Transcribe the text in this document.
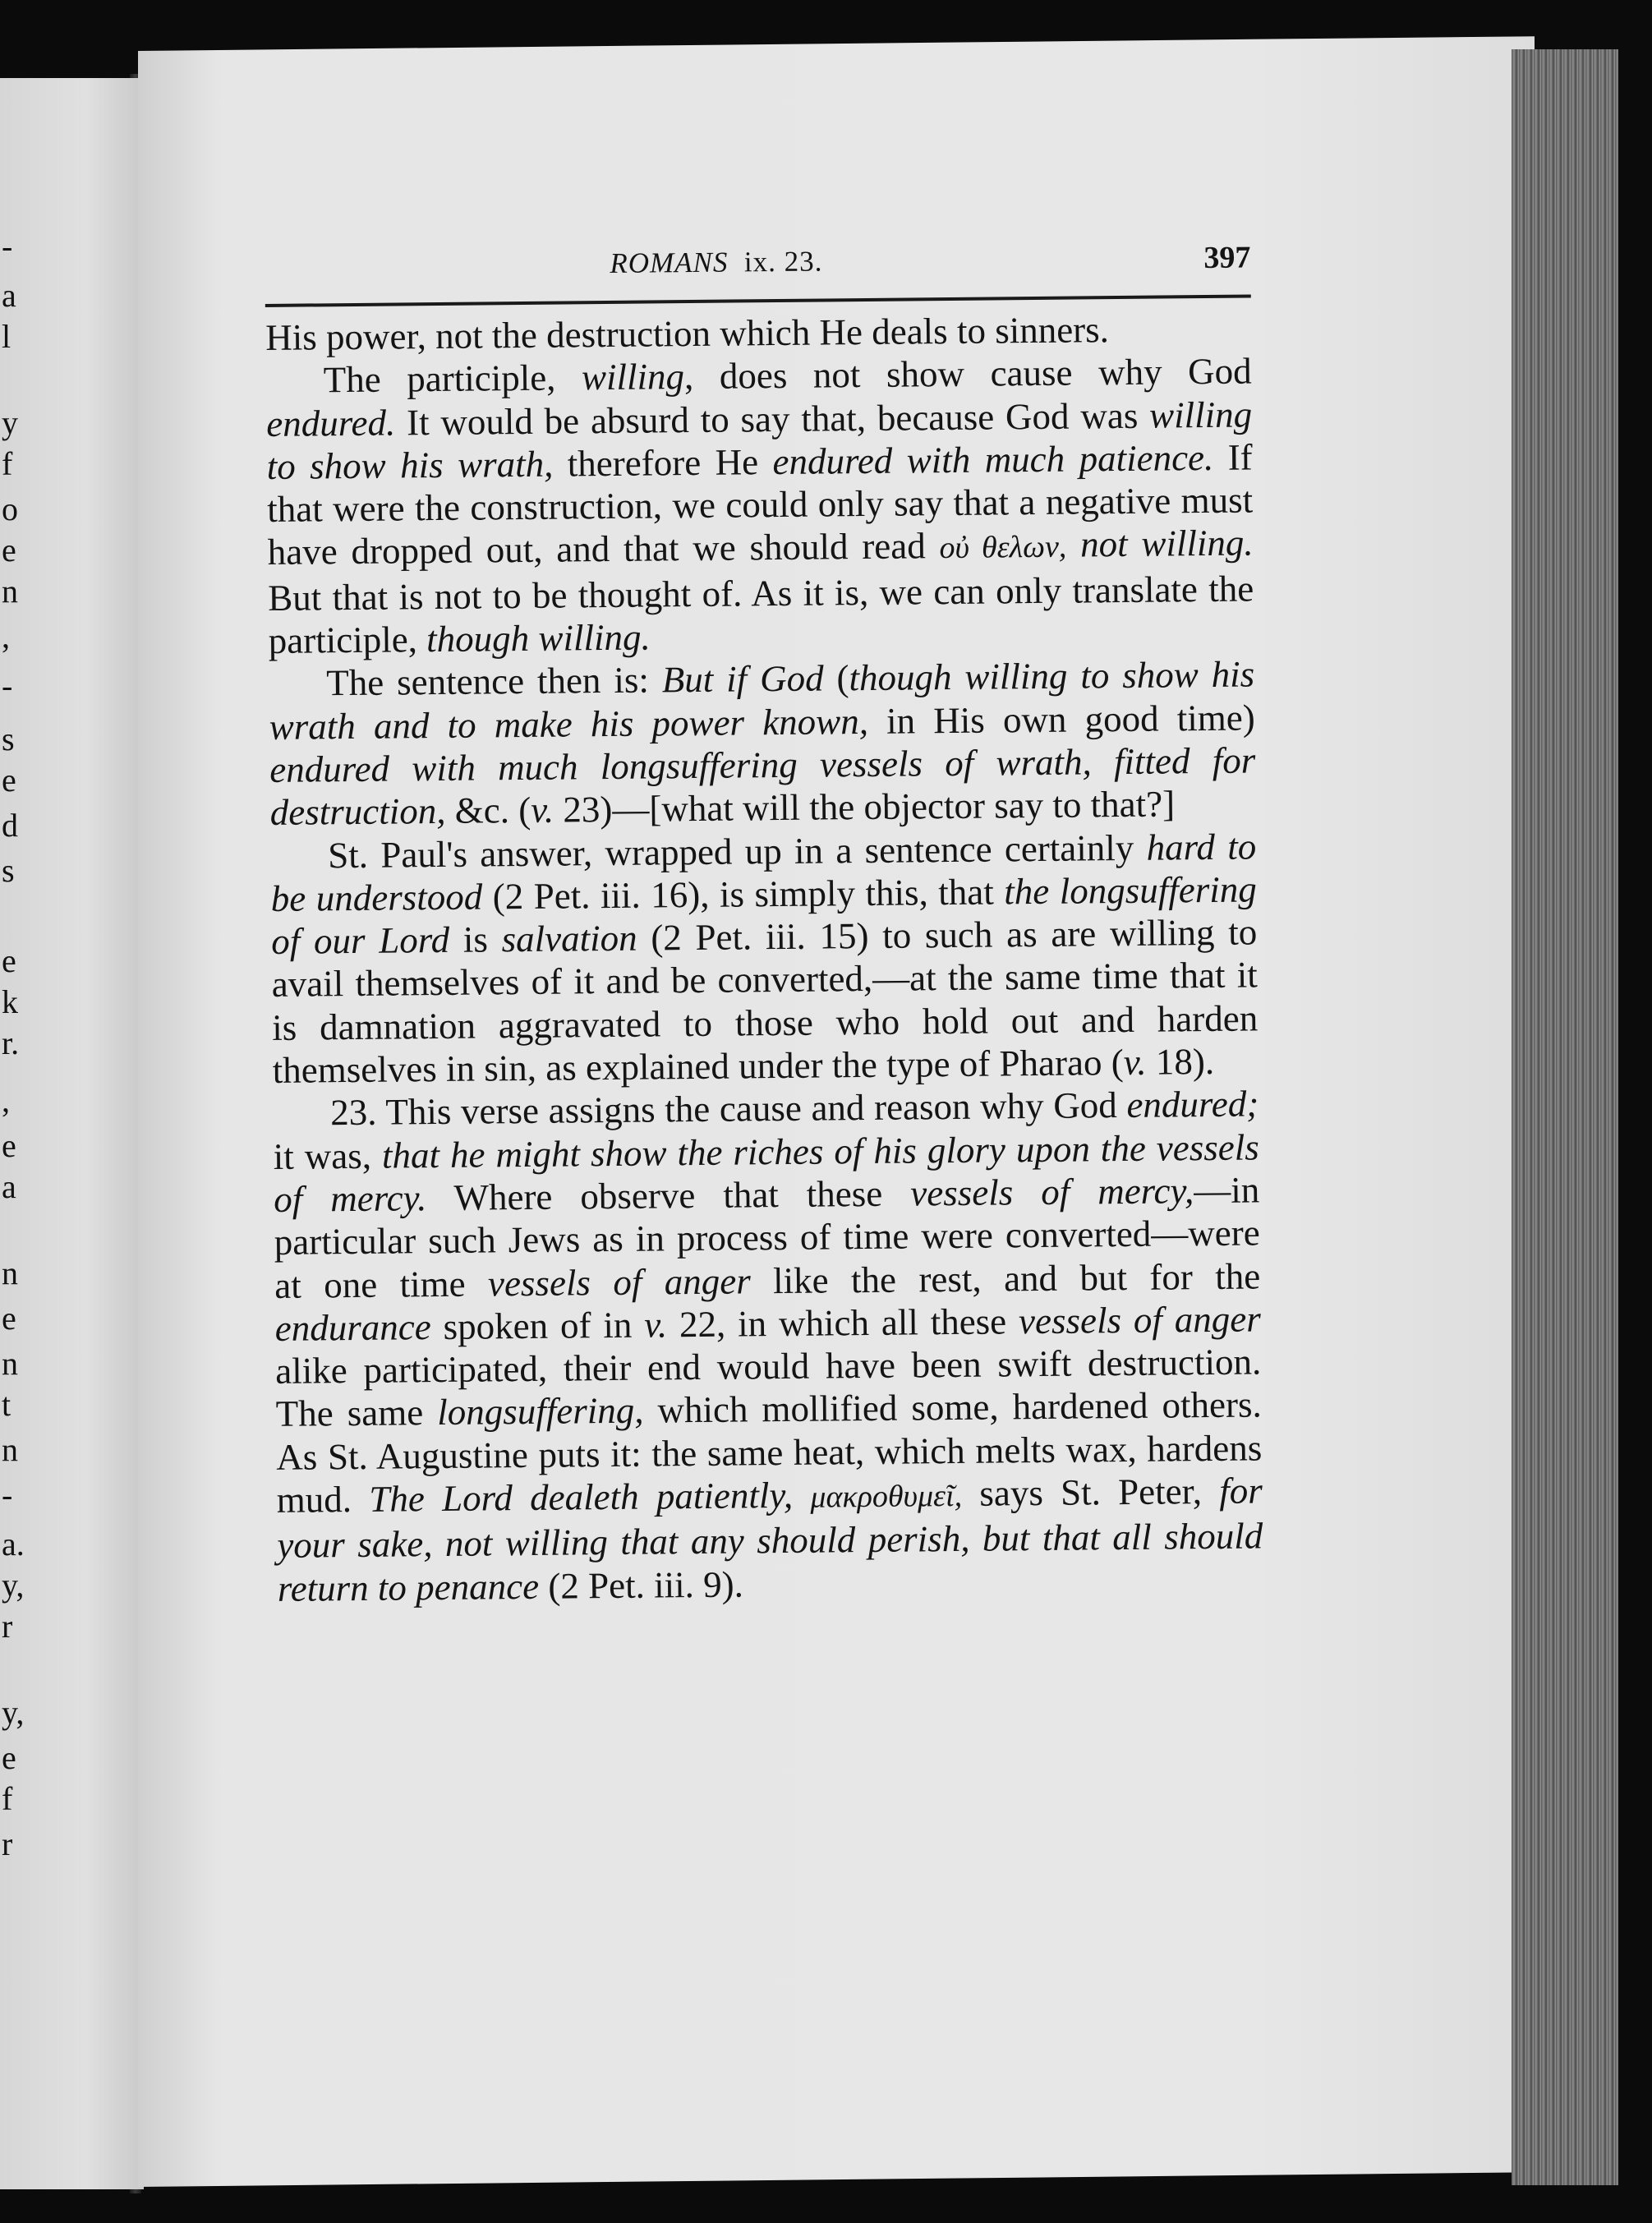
-
a
l
y
f
o
e
n
,
-
s
e
d
s
e
k
r.
,
e
a
n
e
n
t
n
-
a.
y,
r
y,
e
f
r
ROMAΝS ix. 23.	397

His power, not the destruction which He deals to sinners.

The participle, willing, does not show cause why God endured. It would be absurd to say that, because God was willing to show his wrath, therefore He endured with much patience. If that were the construction, we could only say that a negative must have dropped out, and that we should read οὐ θελων, not willing. But that is not to be thought of. As it is, we can only translate the participle, though willing.

The sentence then is: But if God (though willing to show his wrath and to make his power known, in His own good time) endured with much longsuffering vessels of wrath, fitted for destruction, &c. (v. 23)—[what will the objector say to that?]

St. Paul's answer, wrapped up in a sentence certainly hard to be understood (2 Pet. iii. 16), is simply this, that the longsuffering of our Lord is salvation (2 Pet. iii. 15) to such as are willing to avail themselves of it and be converted,—at the same time that it is damnation aggravated to those who hold out and harden themselves in sin, as explained under the type of Pharao (v. 18).

23. This verse assigns the cause and reason why God endured; it was, that he might show the riches of his glory upon the vessels of mercy. Where observe that these vessels of mercy,—in particular such Jews as in process of time were converted—were at one time vessels of anger like the rest, and but for the endurance spoken of in v. 22, in which all these vessels of anger alike participated, their end would have been swift destruction. The same longsuffering, which mollified some, hardened others. As St. Augustine puts it: the same heat, which melts wax, hardens mud. The Lord dealeth patiently, μακροθυμεῖ, says St. Peter, for your sake, not willing that any should perish, but that all should return to penance (2 Pet. iii. 9).
